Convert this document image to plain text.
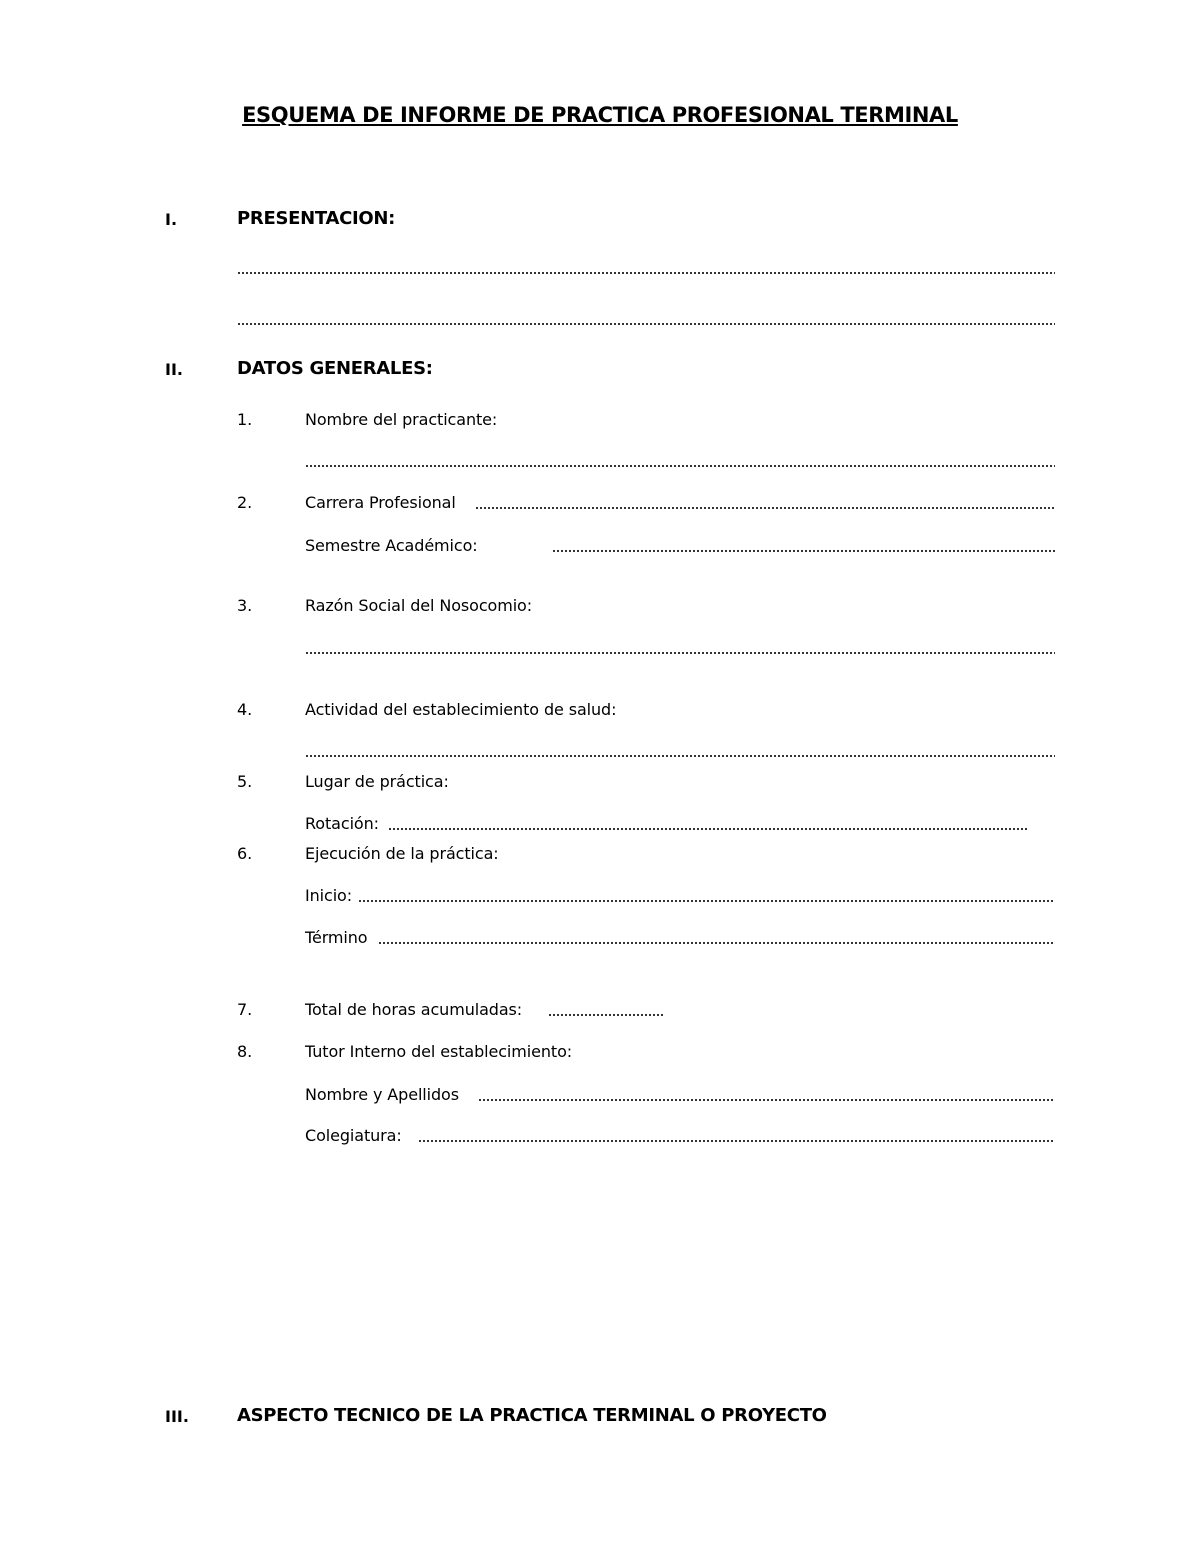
ESQUEMA DE INFORME DE PRACTICA PROFESIONAL TERMINAL
I.	PRESENTACION:
II.	DATOS GENERALES:
1.	Nombre del practicante:
2.	Carrera Profesional
Semestre Académico:
3.	Razón Social del Nosocomio:
4.	Actividad del establecimiento de salud:
5.	Lugar de práctica:
Rotación:
6.	Ejecución de la práctica:
Inicio:
Término
7.	Total de horas acumuladas:
8.	Tutor Interno del establecimiento:
Nombre y Apellidos
Colegiatura:
III.	ASPECTO TECNICO DE LA PRACTICA TERMINAL O PROYECTO
